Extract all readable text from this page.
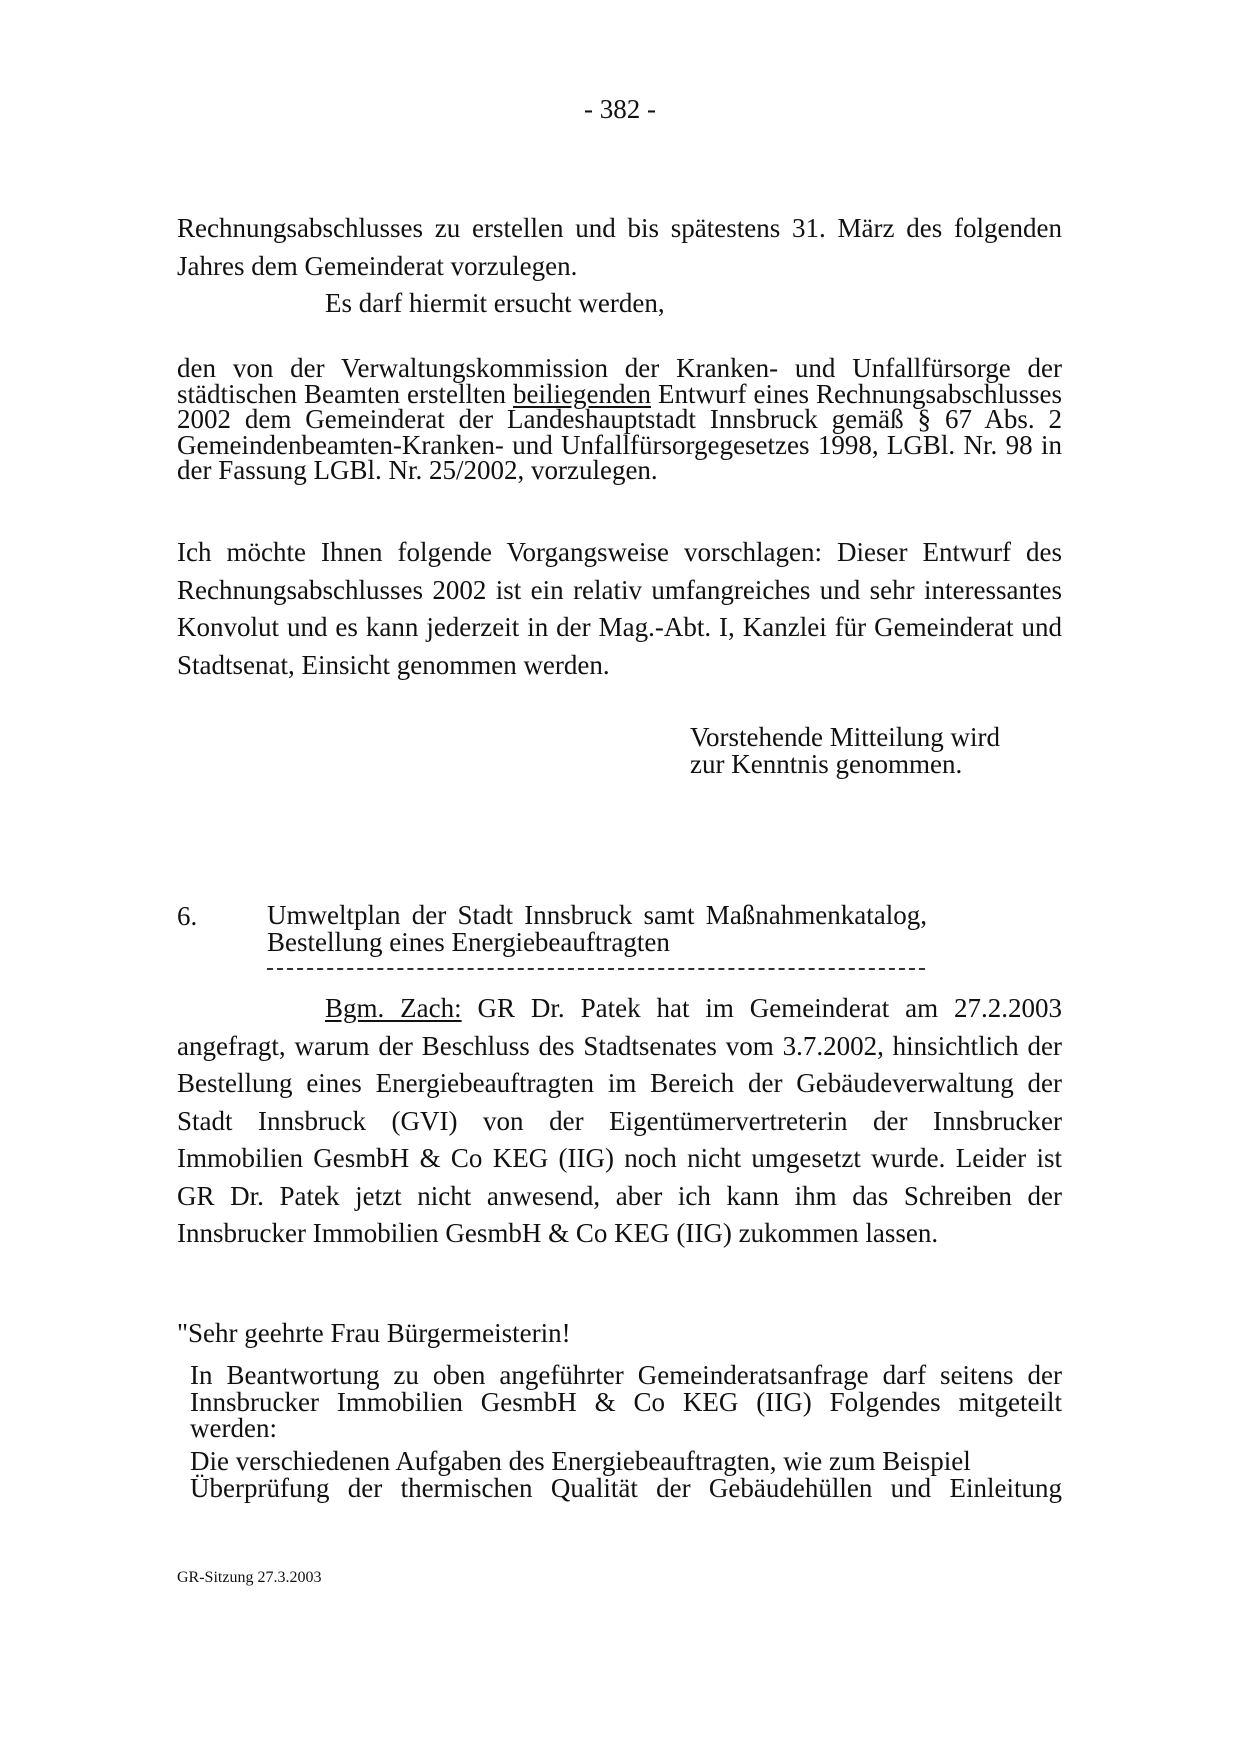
- 382 -

Rechnungsabschlusses zu erstellen und bis spätestens 31. März des folgenden Jahres dem Gemeinderat vorzulegen.

Es darf hiermit ersucht werden,

den von der Verwaltungskommission der Kranken- und Unfallfürsorge der städtischen Beamten erstellten beiliegenden Entwurf eines Rechnungsabschlusses 2002 dem Gemeinderat der Landeshauptstadt Innsbruck gemäß § 67 Abs. 2 Gemeindenbeamten-Kranken- und Unfallfürsorgegesetzes 1998, LGBl. Nr. 98 in der Fassung LGBl. Nr. 25/2002, vorzulegen.

Ich möchte Ihnen folgende Vorgangsweise vorschlagen: Dieser Entwurf des Rechnungsabschlusses 2002 ist ein relativ umfangreiches und sehr interessantes Konvolut und es kann jederzeit in der Mag.-Abt. I, Kanzlei für Gemeinderat und Stadtsenat, Einsicht genommen werden.

Vorstehende Mitteilung wird
zur Kenntnis genommen.
6.	Umweltplan der Stadt Innsbruck samt Maßnahmenkatalog, Bestellung eines Energiebeauftragten

Bgm. Zach: GR Dr. Patek hat im Gemeinderat am 27.2.2003 angefragt, warum der Beschluss des Stadtsenates vom 3.7.2002, hinsichtlich der Bestellung eines Energiebeauftragten im Bereich der Gebäudeverwaltung der Stadt Innsbruck (GVI) von der Eigentümervertreterin der Innsbrucker Immobilien GesmbH & Co KEG (IIG) noch nicht umgesetzt wurde. Leider ist GR Dr. Patek jetzt nicht anwesend, aber ich kann ihm das Schreiben der Innsbrucker Immobilien GesmbH & Co KEG (IIG) zukommen lassen.

"Sehr geehrte Frau Bürgermeisterin!

In Beantwortung zu oben angeführter Gemeinderatsanfrage darf seitens der Innsbrucker Immobilien GesmbH & Co KEG (IIG) Folgendes mitgeteilt werden:

Die verschiedenen Aufgaben des Energiebeauftragten, wie zum Beispiel
Überprüfung der thermischen Qualität der Gebäudehüllen und Einleitung
GR-Sitzung 27.3.2003
